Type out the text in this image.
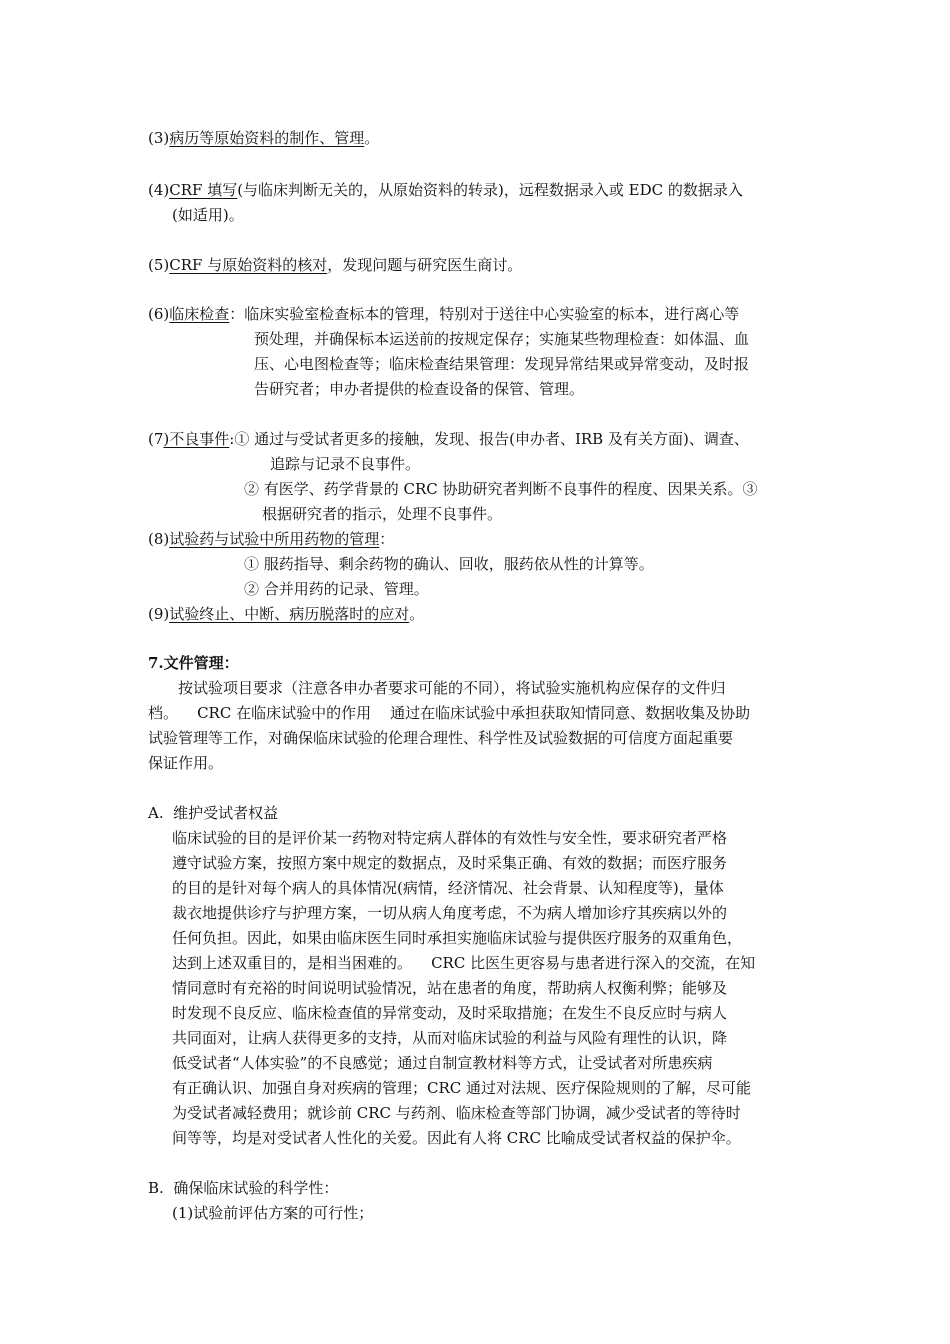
(3)病历等原始资料的制作、管理。
(4)CRF 填写(与临床判断无关的，从原始资料的转录)，远程数据录入或 EDC 的数据录入
(如适用)。
(5)CRF 与原始资料的核对，发现问题与研究医生商讨。
(6)临床检查：临床实验室检查标本的管理，特别对于送往中心实验室的标本，进行离心等
预处理，并确保标本运送前的按规定保存；实施某些物理检查：如体温、血
压、心电图检查等；临床检查结果管理：发现异常结果或异常变动，及时报
告研究者；申办者提供的检查设备的保管、管理。
(7)不良事件:① 通过与受试者更多的接触，发现、报告(申办者、IRB 及有关方面)、调查、
追踪与记录不良事件。
② 有医学、药学背景的 CRC 协助研究者判断不良事件的程度、因果关系。③
根据研究者的指示，处理不良事件。
(8)试验药与试验中所用药物的管理：
① 服药指导、剩余药物的确认、回收，服药依从性的计算等。
② 合并用药的记录、管理。
(9)试验终止、中断、病历脱落时的应对。
7.文件管理：
按试验项目要求（注意各申办者要求可能的不同），将试验实施机构应保存的文件归
档。    CRC 在临床试验中的作用    通过在临床试验中承担获取知情同意、数据收集及协助
试验管理等工作，对确保临床试验的伦理合理性、科学性及试验数据的可信度方面起重要
保证作用。
A.  维护受试者权益
临床试验的目的是评价某一药物对特定病人群体的有效性与安全性，要求研究者严格
遵守试验方案，按照方案中规定的数据点，及时采集正确、有效的数据；而医疗服务
的目的是针对每个病人的具体情况(病情，经济情况、社会背景、认知程度等)，量体
裁衣地提供诊疗与护理方案，一切从病人角度考虑，不为病人增加诊疗其疾病以外的
任何负担。因此，如果由临床医生同时承担实施临床试验与提供医疗服务的双重角色，
达到上述双重目的，是相当困难的。    CRC 比医生更容易与患者进行深入的交流，在知
情同意时有充裕的时间说明试验情况，站在患者的角度，帮助病人权衡利弊；能够及
时发现不良反应、临床检查值的异常变动，及时采取措施；在发生不良反应时与病人
共同面对，让病人获得更多的支持，从而对临床试验的利益与风险有理性的认识，降
低受试者“人体实验”的不良感觉；通过自制宣教材料等方式，让受试者对所患疾病
有正确认识、加强自身对疾病的管理；CRC 通过对法规、医疗保险规则的了解，尽可能
为受试者减轻费用；就诊前 CRC 与药剂、临床检查等部门协调，减少受试者的等待时
间等等，均是对受试者人性化的关爱。因此有人将 CRC 比喻成受试者权益的保护伞。
B.  确保临床试验的科学性：
(1)试验前评估方案的可行性；
